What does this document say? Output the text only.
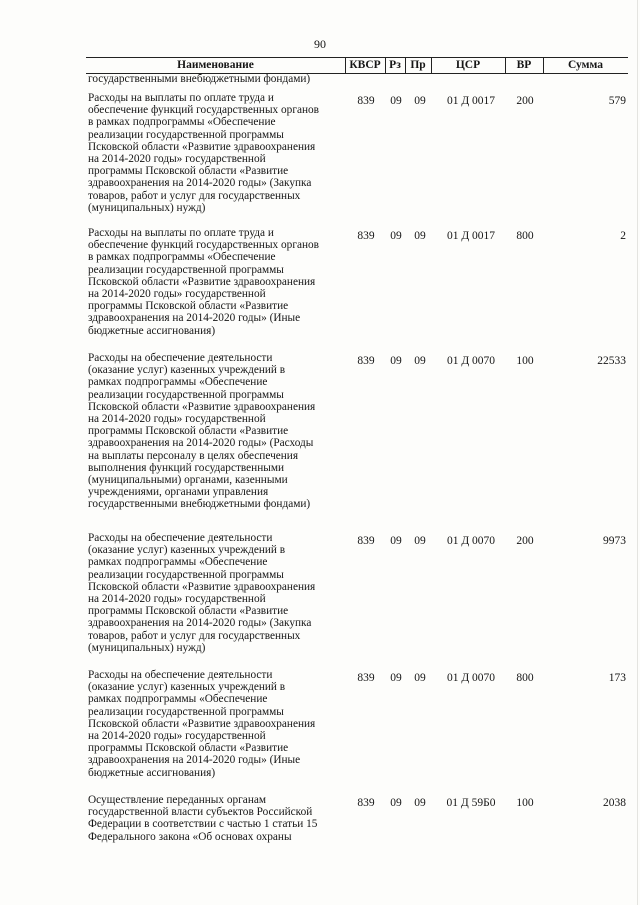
90
Наименование	КВСР Рз Пр	ЦСР	ВР	Сумма
государственными внебюджетными фондами)
Расходы на выплаты по оплате труда и
обеспечение функций государственных органов
в рамках подпрограммы «Обеспечение
реализации государственной программы
Псковской области «Развитие здравоохранения
на 2014-2020 годы» государственной
программы Псковской области «Развитие
здравоохранения на 2014-2020 годы» (Закупка
товаров, работ и услуг для государственных
(муниципальных) нужд)
839	09	09	01 Д 0017	200	579
Расходы на выплаты по оплате труда и
обеспечение функций государственных органов
в рамках подпрограммы «Обеспечение
реализации государственной программы
Псковской области «Развитие здравоохранения
на 2014-2020 годы» государственной
программы Псковской области «Развитие
здравоохранения на 2014-2020 годы» (Иные
бюджетные ассигнования)
839	09	09	01 Д 0017	800	2
Расходы на обеспечение деятельности
(оказание услуг) казенных учреждений в
рамках подпрограммы «Обеспечение
реализации государственной программы
Псковской области «Развитие здравоохранения
на 2014-2020 годы» государственной
программы Псковской области «Развитие
здравоохранения на 2014-2020 годы» (Расходы
на выплаты персоналу в целях обеспечения
выполнения функций государственными
(муниципальными) органами, казенными
учреждениями, органами управления
государственными внебюджетными фондами)
839	09	09	01 Д 0070	100	22533
Расходы на обеспечение деятельности
(оказание услуг) казенных учреждений в
рамках подпрограммы «Обеспечение
реализации государственной программы
Псковской области «Развитие здравоохранения
на 2014-2020 годы» государственной
программы Псковской области «Развитие
здравоохранения на 2014-2020 годы» (Закупка
товаров, работ и услуг для государственных
(муниципальных) нужд)
839	09	09	01 Д 0070	200	9973
Расходы на обеспечение деятельности
(оказание услуг) казенных учреждений в
рамках подпрограммы «Обеспечение
реализации государственной программы
Псковской области «Развитие здравоохранения
на 2014-2020 годы» государственной
программы Псковской области «Развитие
здравоохранения на 2014-2020 годы» (Иные
бюджетные ассигнования)
839	09	09	01 Д 0070	800	173
Осуществление переданных органам
государственной власти субъектов Российской
Федерации в соответствии с частью 1 статьи 15
Федерального закона «Об основах охраны
839	09	09	01 Д 59Б0	100	2038
